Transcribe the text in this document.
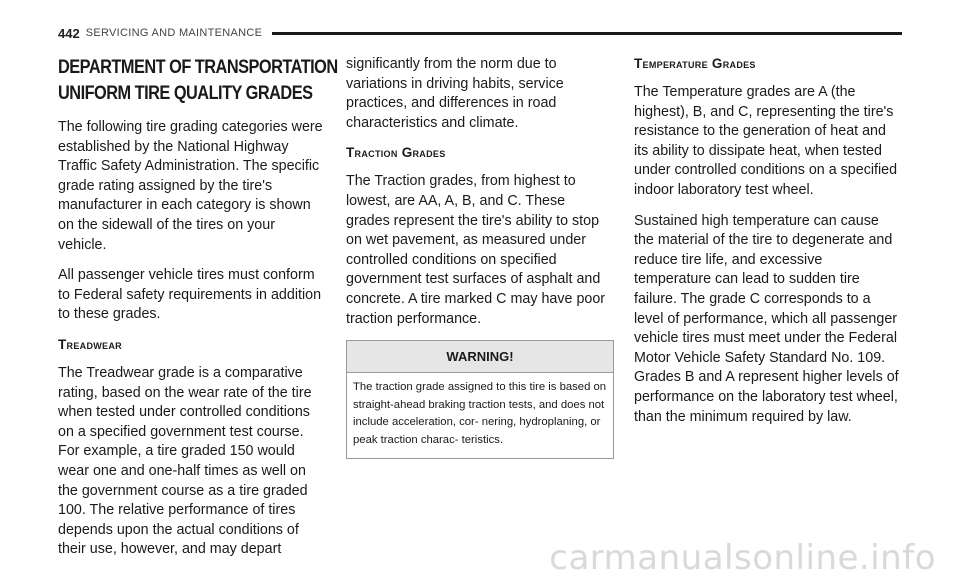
442 SERVICING AND MAINTENANCE
DEPARTMENT OF TRANSPORTATION UNIFORM TIRE QUALITY GRADES

The following tire grading categories were established by the National Highway Traffic Safety Administration. The specific grade rating assigned by the tire's manufacturer in each category is shown on the sidewall of the tires on your vehicle.

All passenger vehicle tires must conform to Federal safety requirements in addition to these grades.

Treadwear

The Treadwear grade is a comparative rating, based on the wear rate of the tire when tested under controlled conditions on a specified government test course. For example, a tire graded 150 would wear one and one-half times as well on the government course as a tire graded 100. The relative performance of tires depends upon the actual conditions of their use, however, and may depart

significantly from the norm due to variations in driving habits, service practices, and differences in road characteristics and climate.

Traction Grades

The Traction grades, from highest to lowest, are AA, A, B, and C. These grades represent the tire's ability to stop on wet pavement, as measured under controlled conditions on specified government test surfaces of asphalt and concrete. A tire marked C may have poor traction performance.

WARNING!
The traction grade assigned to this tire is based on straight-ahead braking traction tests, and does not include acceleration, cor- nering, hydroplaning, or peak traction charac- teristics.
Temperature Grades

The Temperature grades are A (the highest), B, and C, representing the tire's resistance to the generation of heat and its ability to dissipate heat, when tested under controlled conditions on a specified indoor laboratory test wheel.

Sustained high temperature can cause the material of the tire to degenerate and reduce tire life, and excessive temperature can lead to sudden tire failure. The grade C corresponds to a level of performance, which all passenger vehicle tires must meet under the Federal Motor Vehicle Safety Standard No. 109. Grades B and A represent higher levels of performance on the laboratory test wheel, than the minimum required by law.

carmanualsonline.info
